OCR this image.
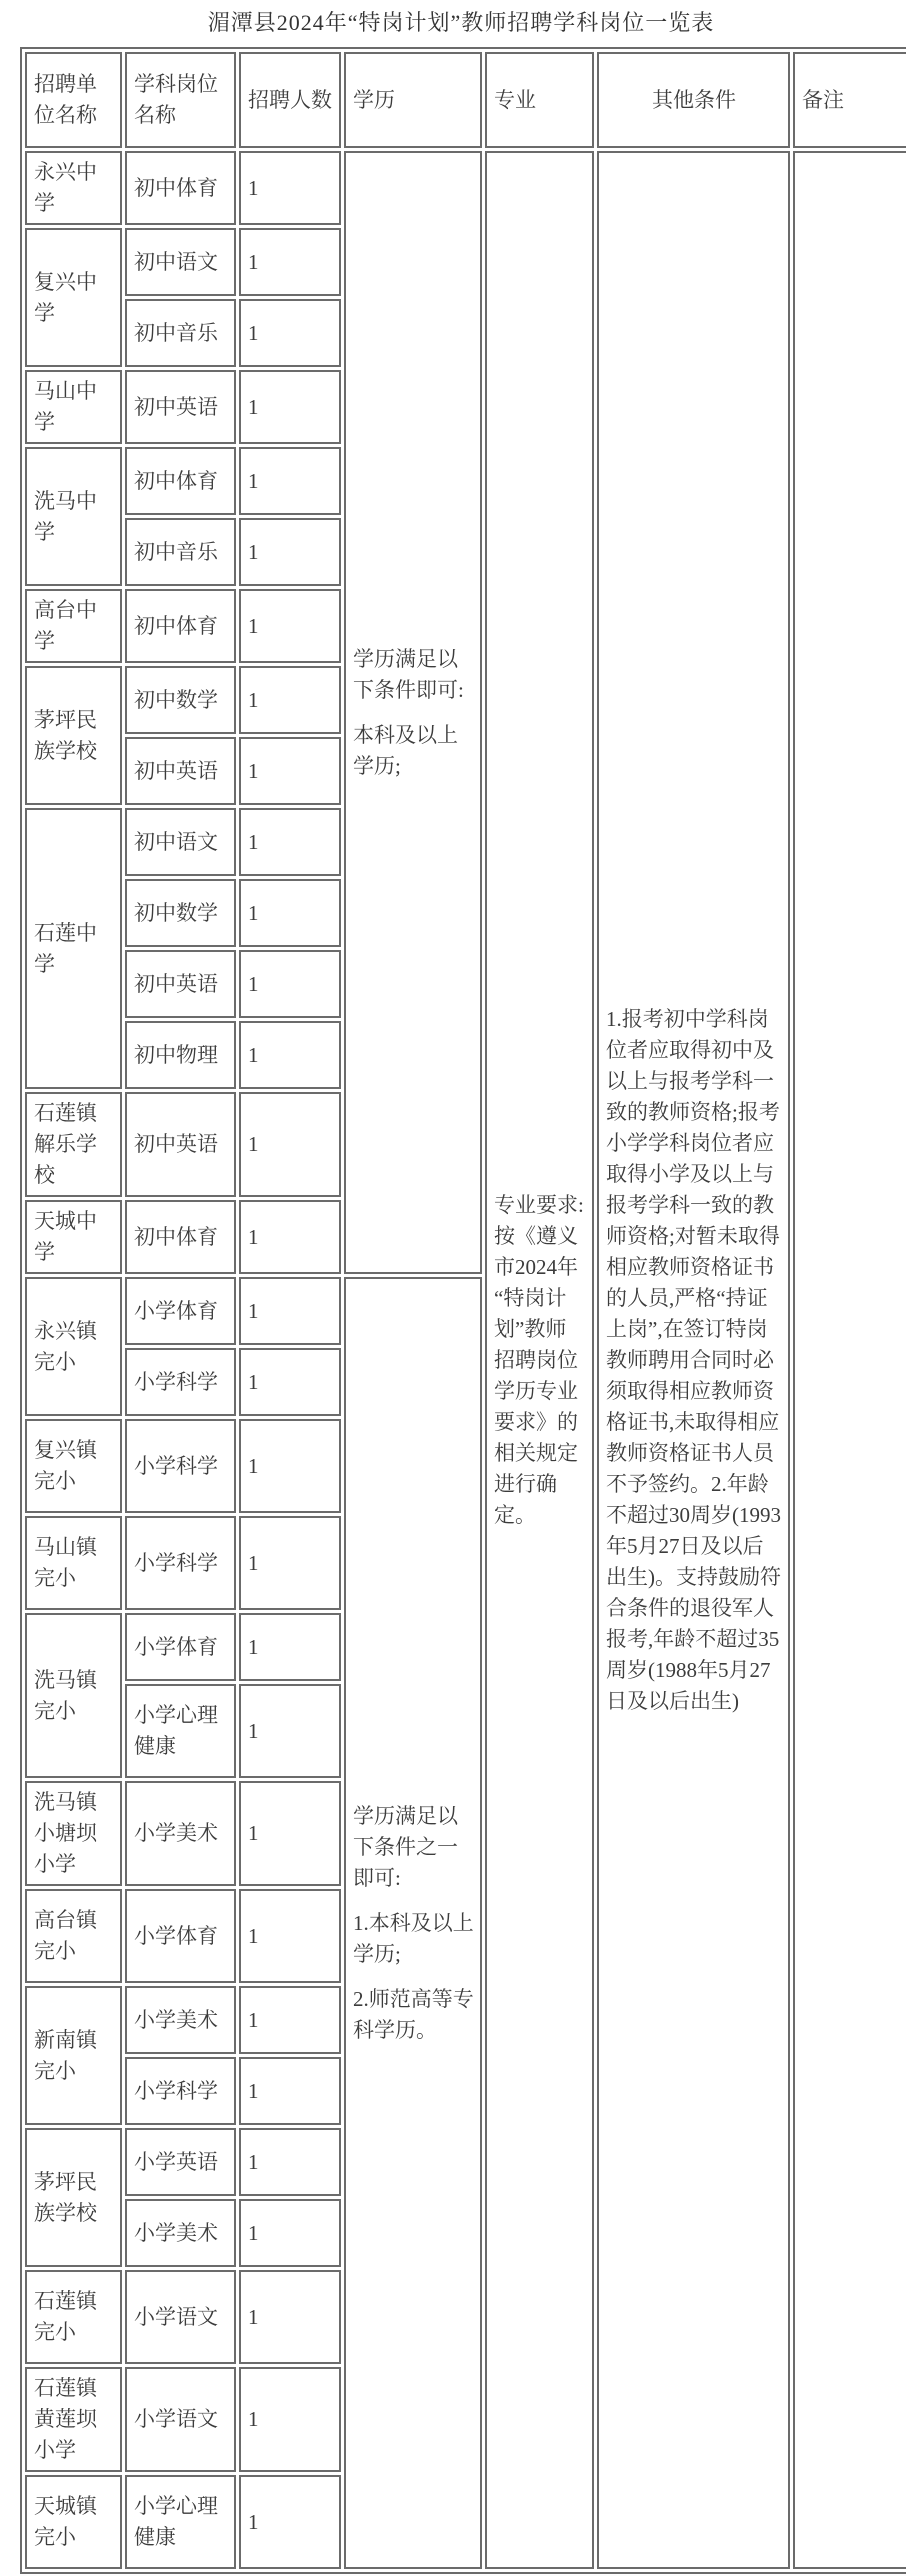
湄潭县2024年“特岗计划”教师招聘学科岗位一览表
招聘单位名称	学科岗位名称	招聘人数	学历	专业	其他条件	备注
永兴中学	初中体育	1	学历满足以下条件即可:

本科及以上学历;	专业要求:按《遵义市2024年“特岗计划”教师招聘岗位学历专业要求》的相关规定进行确定。	1.报考初中学科岗位者应取得初中及以上与报考学科一致的教师资格;报考小学学科岗位者应取得小学及以上与报考学科一致的教师资格;对暂未取得相应教师资格证书的人员,严格“持证上岗”,在签订特岗教师聘用合同时必须取得相应教师资格证书,未取得相应教师资格证书人员不予签约。2.年龄不超过30周岁(1993年5月27日及以后出生)。支持鼓励符合条件的退役军人报考,年龄不超过35周岁(1988年5月27日及以后出生)	

复兴中学	初中语文	1				
	初中音乐	1				
马山中学	初中英语	1				
洗马中学	初中体育	1				
	初中音乐	1				
高台中学	初中体育	1				
茅坪民族学校	初中数学	1				
	初中英语	1				
石莲中学	初中语文	1				
	初中数学	1				
	初中英语	1				
	初中物理	1				
石莲镇解乐学校	初中英语	1				
天城中学	初中体育	1				
永兴镇完小	小学体育	1	学历满足以下条件之一即可:

1.本科及以上学历;

2.师范高等专科学历。			

	小学科学	1				
复兴镇完小	小学科学	1				
马山镇完小	小学科学	1				
洗马镇完小	小学体育	1				
	小学心理健康	1				
洗马镇小塘坝小学	小学美术	1				
高台镇完小	小学体育	1				
新南镇完小	小学美术	1				
	小学科学	1				
茅坪民族学校	小学英语	1				
	小学美术	1				
石莲镇完小	小学语文	1				
石莲镇黄莲坝小学	小学语文	1				
天城镇完小	小学心理健康	1				
